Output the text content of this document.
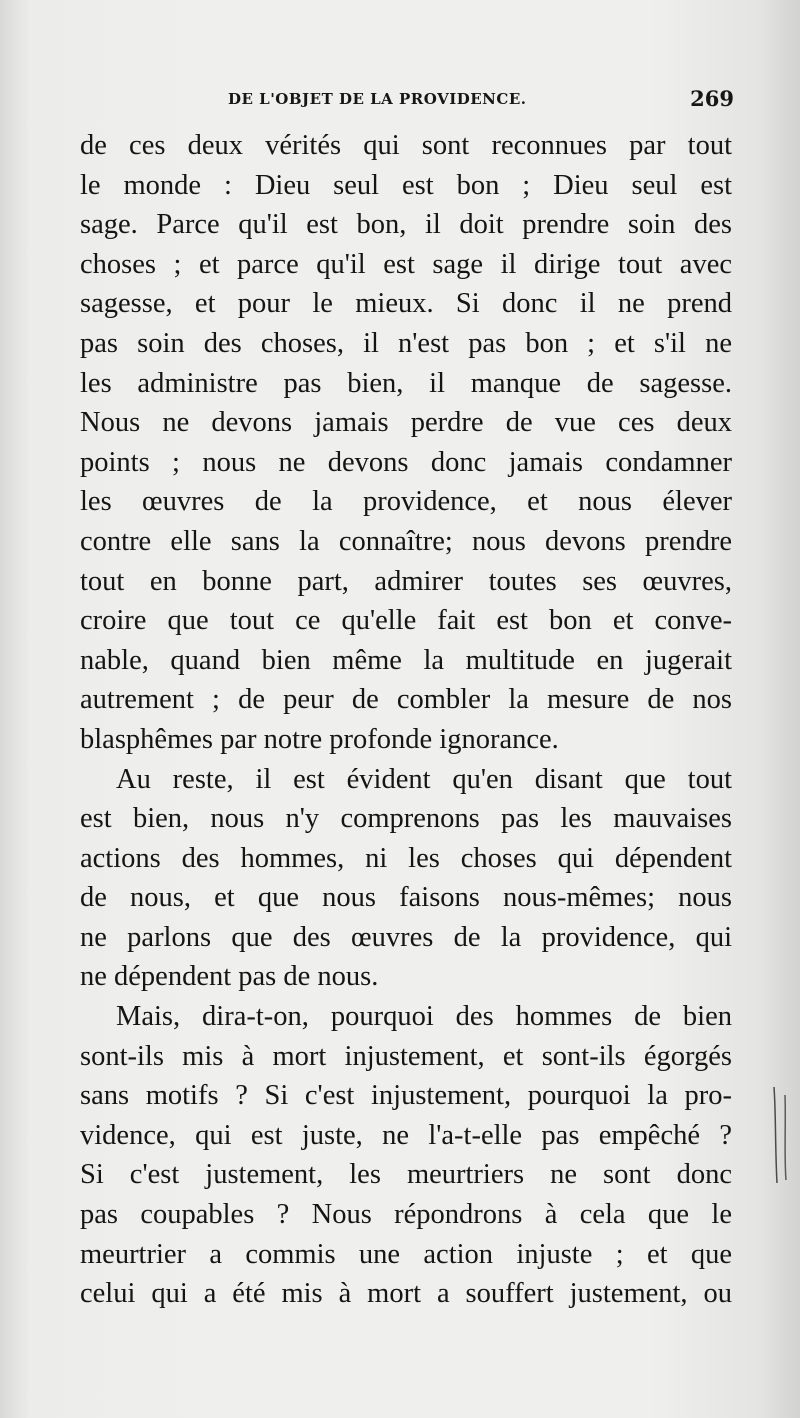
DE L'OBJET DE LA PROVIDENCE.	269
de ces deux vérités qui sont reconnues par tout
le monde : Dieu seul est bon ; Dieu seul est
sage. Parce qu'il est bon, il doit prendre soin des
choses ; et parce qu'il est sage il dirige tout avec
sagesse, et pour le mieux. Si donc il ne prend
pas soin des choses, il n'est pas bon ; et s'il ne
les administre pas bien, il manque de sagesse.
Nous ne devons jamais perdre de vue ces deux
points ; nous ne devons donc jamais condamner
les œuvres de la providence, et nous élever
contre elle sans la connaître; nous devons prendre
tout en bonne part, admirer toutes ses œuvres,
croire que tout ce qu'elle fait est bon et conve-
nable, quand bien même la multitude en jugerait
autrement ; de peur de combler la mesure de nos
blasphêmes par notre profonde ignorance.
Au reste, il est évident qu'en disant que tout
est bien, nous n'y comprenons pas les mauvaises
actions des hommes, ni les choses qui dépendent
de nous, et que nous faisons nous-mêmes; nous
ne parlons que des œuvres de la providence, qui
ne dépendent pas de nous.
Mais, dira-t-on, pourquoi des hommes de bien
sont-ils mis à mort injustement, et sont-ils égorgés
sans motifs ? Si c'est injustement, pourquoi la pro-
vidence, qui est juste, ne l'a-t-elle pas empêché ?
Si c'est justement, les meurtriers ne sont donc
pas coupables ? Nous répondrons à cela que le
meurtrier a commis une action injuste ; et que
celui qui a été mis à mort a souffert justement, ou
